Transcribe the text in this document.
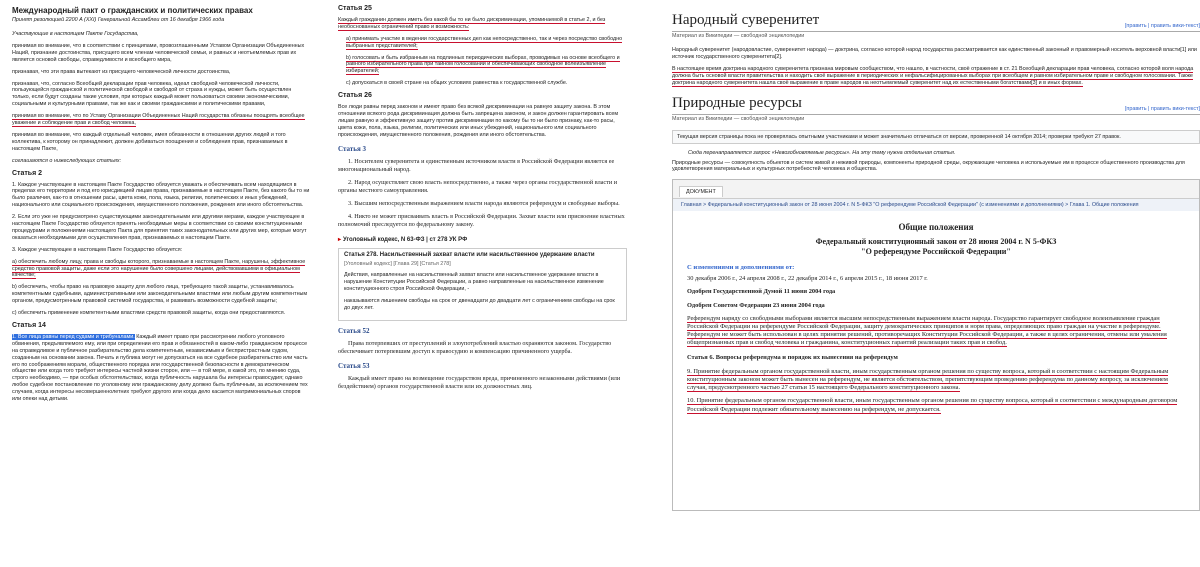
Международный пакт о гражданских и политических правах
Принят резолюцией 2200 A (XXI) Генеральной Ассамблеи от 16 декабря 1966 года

Участвующие в настоящем Пакте Государства,

принимая во внимание, что в соответствии с принципами, провозглашенными Уставом Организации Объединенных Наций, признание достоинства, присущего всем членам человеческой семьи, и равных и неотъемлемых прав их является основой свободы, справедливости и всеобщего мира,

признавая, что эти права вытекают из присущего человеческой личности достоинства,

признавая, что, согласно Всеобщей декларации прав человека, идеал свободной человеческой личности, пользующейся гражданской и политической свободой и свободой от страха и нужды, может быть осуществлен только, если будут созданы такие условия, при которых каждый может пользоваться своими экономическими, социальными и культурными правами, так же как и своими гражданскими и политическими правами,

принимая во внимание, что по Уставу Организации Объединенных Наций государства обязаны поощрять всеобщее уважение и соблюдение прав и свобод человека,

принимая во внимание, что каждый отдельный человек, имея обязанности в отношении других людей и того коллектива, к которому он принадлежит, должен добиваться поощрения и соблюдения прав, признаваемых в настоящем Пакте,

соглашаются о нижеследующих статьях:

Статья 2

1. Каждое участвующее в настоящем Пакте Государство обязуется уважать и обеспечивать всем находящимся в пределах его территории и под его юрисдикцией лицам права, признаваемые в настоящем Пакте, без какого бы то ни было различия, как-то в отношении расы, цвета кожи, пола, языка, религии, политических и иных убеждений, национального или социального происхождения, имущественного положения, рождения или иного обстоятельства.

2. Если это уже не предусмотрено существующими законодательными или другими мерами, каждое участвующее в настоящем Пакте Государство обязуется принять необходимые меры в соответствии со своими конституционными процедурами и положениями настоящего Пакта для принятия таких законодательных или других мер, которые могут оказаться необходимыми для осуществления прав, признаваемых в настоящем Пакте.

3. Каждое участвующее в настоящем Пакте Государство обязуется:

a) обеспечить любому лицу, права и свободы которого, признаваемые в настоящем Пакте, нарушены, эффективное средство правовой защиты, даже если это нарушение было совершено лицами, действовавшими в официальном качестве;

b) обеспечить, чтобы право на правовую защиту для любого лица, требующего такой защиты, устанавливалось компетентными судебными, административными или законодательными властями или любым другим компетентным органом, предусмотренным правовой системой государства, и развивать возможности судебной защиты;

c) обеспечить применение компетентными властями средств правовой защиты, когда они предоставляются.

Статья 14

1. Все лица равны перед судами и трибуналами. Каждый имеет право при рассмотрении любого уголовного обвинения, предъявляемого ему, или при определении его прав и обязанностей в каком-либо гражданском процессе на справедливое и публичное разбирательство дела компетентным, независимым и беспристрастным судом, созданным на основании закона. Печать и публика могут не допускаться на все судебное разбирательство или часть его по соображениям морали, общественного порядка или государственной безопасности в демократическом обществе или когда того требуют интересы частной жизни сторон, или — в той мере, в какой это, по мнению суда, строго необходимо, — при особых обстоятельствах, когда публичность нарушала бы интересы правосудия; однако любое судебное постановление по уголовному или гражданскому делу должно быть публичным, за исключением тех случаев, когда интересы несовершеннолетних требуют другого или когда дело касается матримониальных споров или опеки над детьми.

Статья 25

Каждый гражданин должен иметь без какой бы то ни было дискриминации, упоминаемой в статье 2, и без необоснованных ограничений право и возможность:

a) принимать участие в ведении государственных дел как непосредственно, так и через посредство свободно выбранных представителей;

b) голосовать и быть избранным на подлинных периодических выборах, проводимых на основе всеобщего и равного избирательного права при тайном голосовании и обеспечивающих свободное волеизъявление избирателей;

c) допускаться в своей стране на общих условиях равенства к государственной службе.

Статья 26

Все люди равны перед законом и имеют право без всякой дискриминации на равную защиту закона. В этом отношении всякого рода дискриминация должна быть запрещена законом, и закон должен гарантировать всем лицам равную и эффективную защиту против дискриминации по какому бы то ни было признаку, как-то расы, цвета кожи, пола, языка, религии, политических или иных убеждений, национального или социального происхождения, имущественного положения, рождения или иного обстоятельства.

Статья 3

1. Носителем суверенитета и единственным источником власти в Российской Федерации является ее многонациональный народ.

2. Народ осуществляет свою власть непосредственно, а также через органы государственной власти и органы местного самоуправления.

3. Высшим непосредственным выражением власти народа являются референдум и свободные выборы.

4. Никто не может присваивать власть в Российской Федерации. Захват власти или присвоение властных полномочий преследуется по федеральному закону.

▸ Уголовный кодекс, N 63-ФЗ | ст 278 УК РФ
Статья 278. Насильственный захват власти или насильственное удержание власти
[Уголовный кодекс] [Глава 29] [Статья 278]

Действия, направленные на насильственный захват власти или насильственное удержание власти в нарушение Конституции Российской Федерации, а равно направленные на насильственное изменение конституционного строя Российской Федерации, -

наказываются лишением свободы на срок от двенадцати до двадцати лет с ограничением свободы на срок до двух лет.

Статья 52

Права потерпевших от преступлений и злоупотреблений властью охраняются законом. Государство обеспечивает потерпевшим доступ к правосудию и компенсацию причиненного ущерба.

Статья 53

Каждый имеет право на возмещение государством вреда, причиненного незаконными действиями (или бездействием) органов государственной власти или их должностных лиц.

Народный суверенитет	[править | править вики-текст]
Материал из Википедии — свободной энциклопедии

Народный суверенитет (народовластие, суверенитет народа) — доктрина, согласно которой народ государства рассматривается как единственный законный и правомерный носитель верховной власти[1] или источник государственного суверенитета[2].

В настоящее время доктрина народного суверенитета признана мировым сообществом, что нашло, в частности, своё отражение в ст. 21 Всеобщей декларации прав человека, согласно которой воля народа должна быть основой власти правительства и находить своё выражение в периодических и нефальсифицированных выборах при всеобщем и равном избирательном праве и свободном голосовании. Также доктрина народного суверенитета нашла своё выражение в праве народов на неотъемлемый суверенитет над их естественными богатствами[3] и в иных формах.

Природные ресурсы	[править | править вики-текст]
Материал из Википедии — свободной энциклопедии
Текущая версия страницы пока не проверялась опытными участниками и может значительно отличаться от версии, проверенной 14 октября 2014; проверки требуют 27 правок.
Сюда перенаправляется запрос «Невозобновляемые ресурсы». На эту тему нужна отдельная статья.

Природные ресурсы — совокупность объектов и систем живой и неживой природы, компоненты природной среды, окружающие человека и используемые им в процессе общественного производства для удовлетворения материальных и культурных потребностей человека и общества.

ДОКУМЕНТ
Главная > Федеральный конституционный закон от 28 июня 2004 г. N 5-ФКЗ "О референдуме Российской Федерации" (с изменениями и дополнениями) > Глава 1. Общие положения
Общие положения
Федеральный конституционный закон от 28 июня 2004 г. N 5-ФКЗ
"О референдуме Российской Федерации"
С изменениями и дополнениями от:

30 декабря 2006 г., 24 апреля 2008 г., 22 декабря 2014 г., 6 апреля 2015 г., 18 июня 2017 г.

Одобрен Государственной Думой 11 июня 2004 года

Одобрен Советом Федерации 23 июня 2004 года

Референдум наряду со свободными выборами является высшим непосредственным выражением власти народа. Государство гарантирует свободное волеизъявление граждан Российской Федерации на референдуме Российской Федерации, защиту демократических принципов и норм права, определяющих право граждан на участие в референдуме. Референдум не может быть использован в целях принятия решений, противоречащих Конституции Российской Федерации, а также в целях ограничения, отмены или умаления общепризнанных прав и свобод человека и гражданина, конституционных гарантий реализации таких прав и свобод.

Статья 6. Вопросы референдума и порядок их вынесения на референдум

9. Принятие федеральным органом государственной власти, иным государственным органом решения по существу вопроса, который в соответствии с настоящим Федеральным конституционным законом может быть вынесен на референдум, не является обстоятельством, препятствующим проведению референдума по данному вопросу, за исключением случая, предусмотренного частью 27 статьи 15 настоящего Федерального конституционного закона.

10. Принятие федеральным органом государственной власти, иным государственным органом решения по существу вопроса, который в соответствии с международным договором Российской Федерации подлежит обязательному вынесению на референдум, не допускается.
